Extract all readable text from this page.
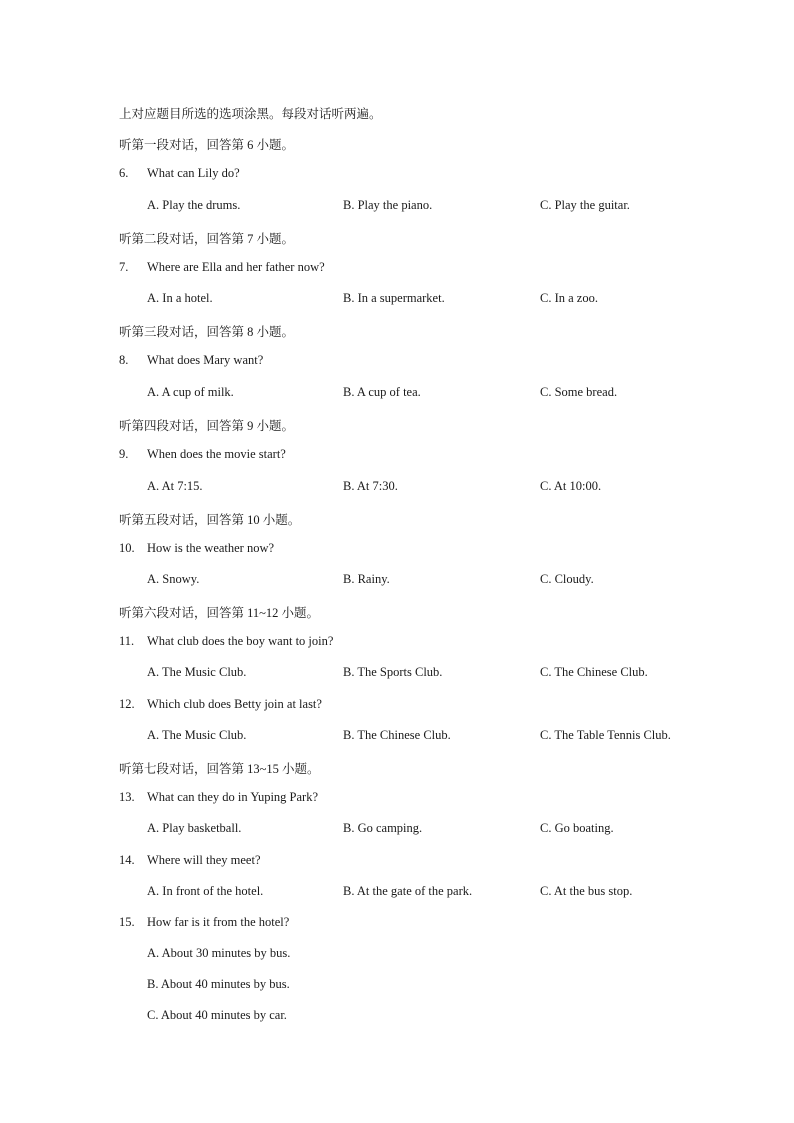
上对应题目所选的选项涂黑。每段对话听两遍。
听第一段对话，回答第 6 小题。
6. What can Lily do?
A. Play the drums.	B. Play the piano.	C. Play the guitar.
听第二段对话，回答第 7 小题。
7. Where are Ella and her father now?
A. In a hotel.	B. In a supermarket.	C. In a zoo.
听第三段对话，回答第 8 小题。
8. What does Mary want?
A. A cup of milk.	B. A cup of tea.	C. Some bread.
听第四段对话，回答第 9 小题。
9. When does the movie start?
A. At 7:15.	B. At 7:30.	C. At 10:00.
听第五段对话，回答第 10 小题。
10. How is the weather now?
A. Snowy.	B. Rainy.	C. Cloudy.
听第六段对话，回答第 11~12 小题。
11. What club does the boy want to join?
A. The Music Club.	B. The Sports Club.	C. The Chinese Club.
12. Which club does Betty join at last?
A. The Music Club.	B. The Chinese Club.	C. The Table Tennis Club.
听第七段对话，回答第 13~15 小题。
13. What can they do in Yuping Park?
A. Play basketball.	B. Go camping.	C. Go boating.
14. Where will they meet?
A. In front of the hotel.	B. At the gate of the park.	C. At the bus stop.
15. How far is it from the hotel?
A. About 30 minutes by bus.
B. About 40 minutes by bus.
C. About 40 minutes by car.
